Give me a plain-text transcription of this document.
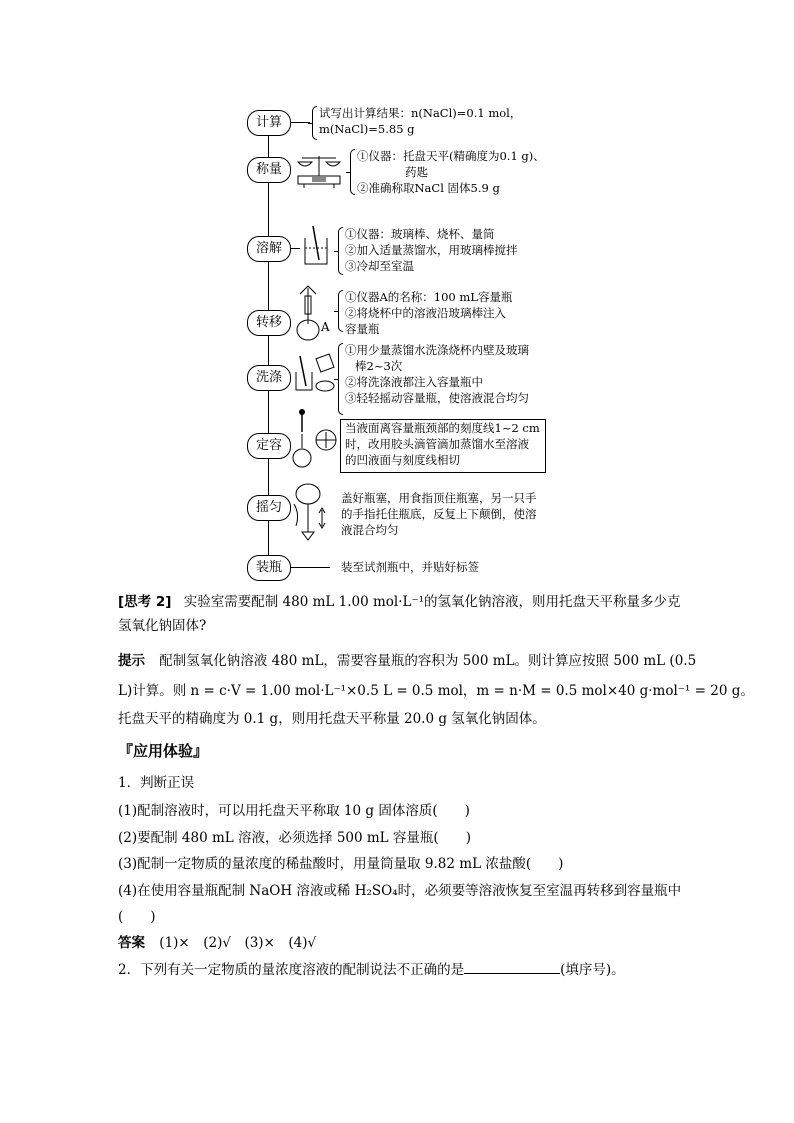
计算
试写出计算结果：n(NaCl)=0.1 mol，
m(NaCl)=5.85 g
称量
①仪器：托盘天平(精确度为0.1 g)、
药匙
②准确称取NaCl 固体5.9 g
溶解
①仪器：玻璃棒、烧杯、量筒
②加入适量蒸馏水，用玻璃棒搅拌
③冷却至室温
转移	A
①仪器A的名称：100 mL容量瓶
②将烧杯中的溶液沿玻璃棒注入
容量瓶
洗涤
①用少量蒸馏水洗涤烧杯内壁及玻璃
棒2~3次
②将洗涤液都注入容量瓶中
③轻轻摇动容量瓶，使溶液混合均匀
定容
当液面离容量瓶颈部的刻度线1~2 cm
时，改用胶头滴管滴加蒸馏水至溶液
的凹液面与刻度线相切
摇匀
盖好瓶塞，用食指顶住瓶塞，另一只手
的手指托住瓶底，反复上下颠倒，使溶
液混合均匀
装瓶	装至试剂瓶中，并贴好标签
[思考 2] 实验室需要配制 480 mL 1.00 mol·L⁻¹的氢氧化钠溶液，则用托盘天平称量多少克
氢氧化钠固体?
提示 配制氢氧化钠溶液 480 mL，需要容量瓶的容积为 500 mL。则计算应按照 500 mL (0.5
L)计算。则 n = c·V = 1.00 mol·L⁻¹×0.5 L = 0.5 mol，m = n·M = 0.5 mol×40 g·mol⁻¹ = 20 g。
托盘天平的精确度为 0.1 g，则用托盘天平称量 20.0 g 氢氧化钠固体。
『应用体验』
1．判断正误
(1)配制溶液时，可以用托盘天平称取 10 g 固体溶质(　　)
(2)要配制 480 mL 溶液，必须选择 500 mL 容量瓶(　　)
(3)配制一定物质的量浓度的稀盐酸时，用量筒量取 9.82 mL 浓盐酸(　　)
(4)在使用容量瓶配制 NaOH 溶液或稀 H₂SO₄时，必须要等溶液恢复至室温再转移到容量瓶中
(　　)
答案 (1)×　(2)√　(3)×　(4)√
2．下列有关一定物质的量浓度溶液的配制说法不正确的是	(填序号)。
